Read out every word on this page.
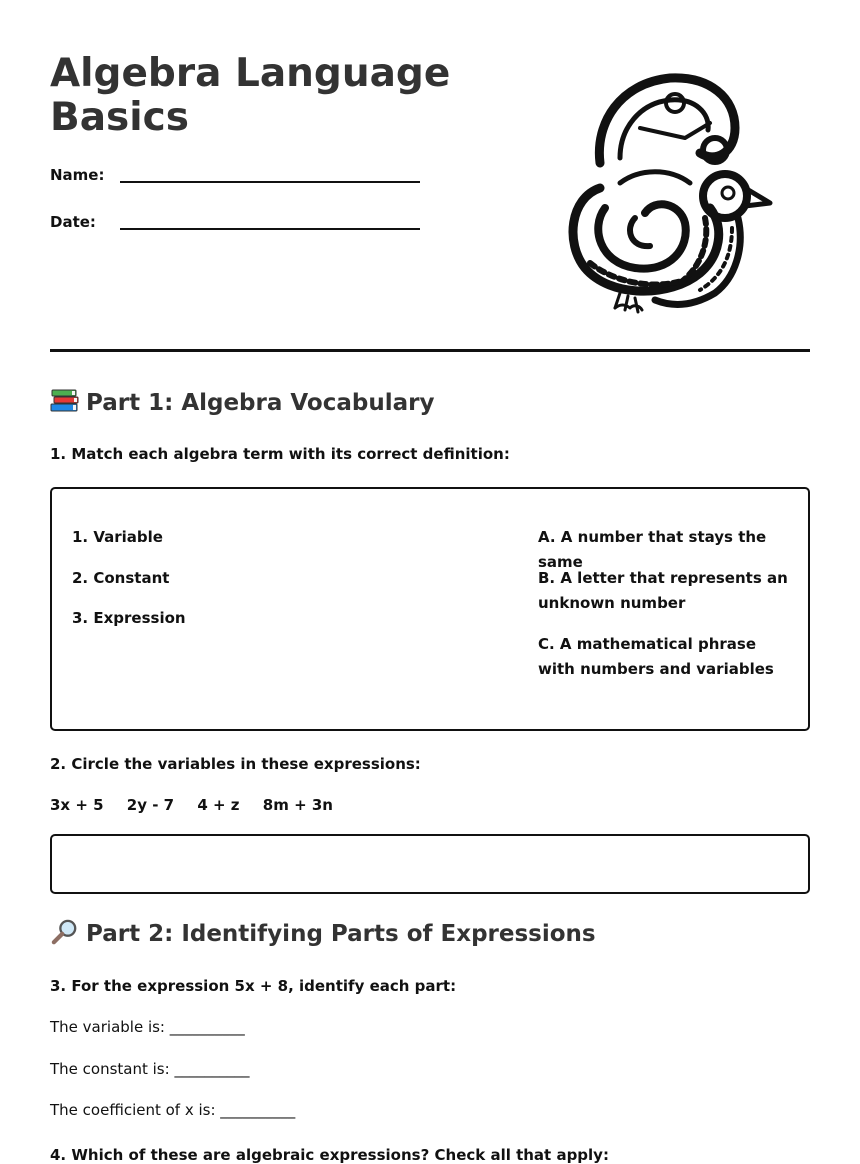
Algebra Language Basics
Name:
Date:
Part 1: Algebra Vocabulary
1. Match each algebra term with its correct definition:
1. Variable
2. Constant
3. Expression
A. A number that stays the same
B. A letter that represents an unknown number
C. A mathematical phrase with numbers and variables
2. Circle the variables in these expressions:
3x + 5 2y - 7 4 + z 8m + 3n
Part 2: Identifying Parts of Expressions
3. For the expression 5x + 8, identify each part:
The variable is: __________
The constant is: __________
The coefficient of x is: __________
4. Which of these are algebraic expressions? Check all that apply:
